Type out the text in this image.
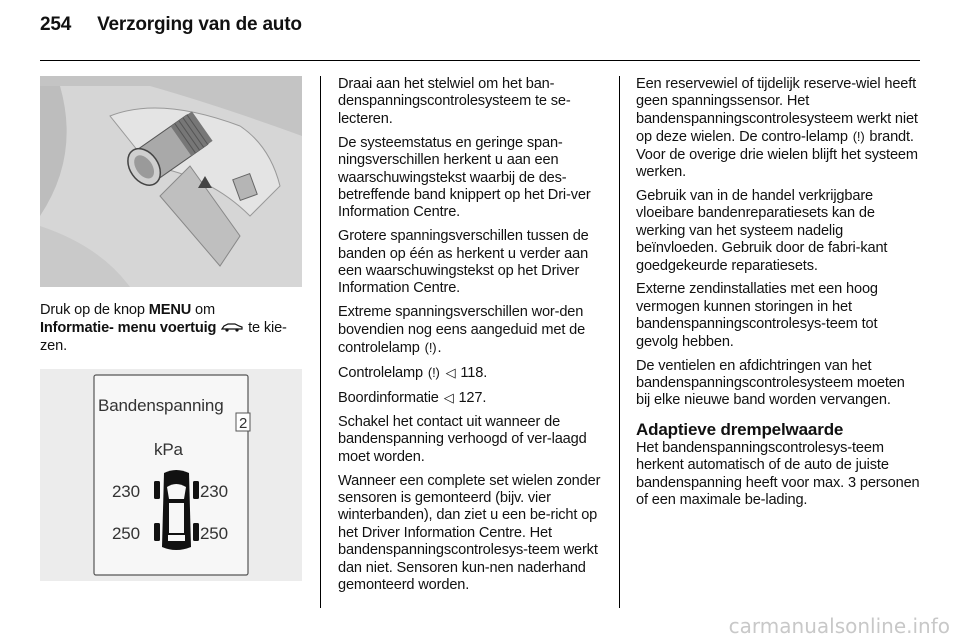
254 Verzorging van de auto

Druk op de knop MENU om
Informatie- menu voertuig  te kie-zen.

Bandenspanning
2
kPa
230	230
250	250

Draai aan het stelwiel om het ban-denspanningscontrolesysteem te se-lecteren.

De systeemstatus en geringe span-ningsverschillen herkent u aan een waarschuwingstekst waarbij de des-betreffende band knippert op het Dri-ver Information Centre.

Grotere spanningsverschillen tussen de banden op één as herkent u verder aan een waarschuwingstekst op het Driver Information Centre.

Extreme spanningsverschillen wor-den bovendien nog eens aangeduid met de controlelamp (!).

Controlelamp (!) ◁ 118.

Boordinformatie ◁ 127.

Schakel het contact uit wanneer de bandenspanning verhoogd of ver-laagd moet worden.

Wanneer een complete set wielen zonder sensoren is gemonteerd (bijv. vier winterbanden), dan ziet u een be-richt op het Driver Information Centre. Het bandenspanningscontrolesys-teem werkt dan niet. Sensoren kun-nen naderhand gemonteerd worden.

Een reservewiel of tijdelijk reserve-wiel heeft geen spanningssensor. Het bandenspanningscontrolesysteem werkt niet op deze wielen. De contro-lelamp (!) brandt. Voor de overige drie wielen blijft het systeem werken.

Gebruik van in de handel verkrijgbare vloeibare bandenreparatiesets kan de werking van het systeem nadelig beïnvloeden. Gebruik door de fabri-kant goedgekeurde reparatiesets.

Externe zendinstallaties met een hoog vermogen kunnen storingen in het bandenspanningscontrolesys-teem tot gevolg hebben.

De ventielen en afdichtringen van het bandenspanningscontrolesysteem moeten bij elke nieuwe band worden vervangen.

Adaptieve drempelwaarde

Het bandenspanningscontrolesys-teem herkent automatisch of de auto de juiste bandenspanning heeft voor max. 3 personen of een maximale be-lading.

carmanualsonline.info
